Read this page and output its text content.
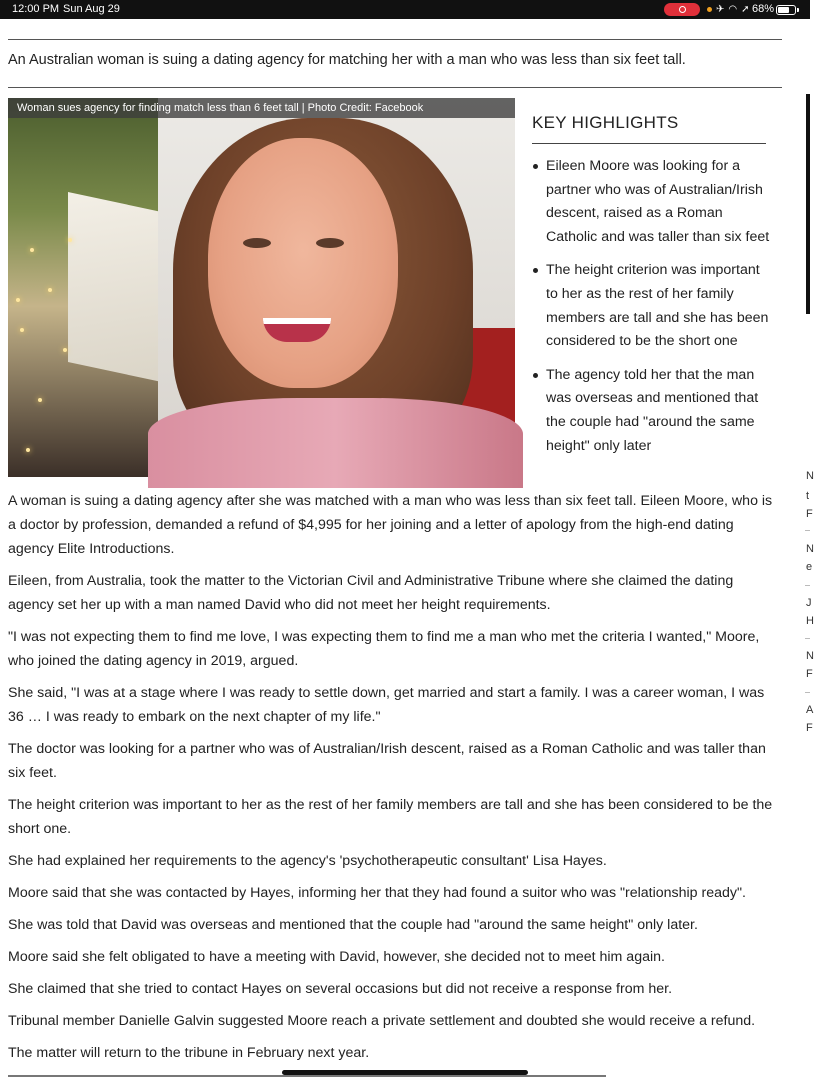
12:00 PM Sun Aug 29	✈ ◠ ➚ 68%

An Australian woman is suing a dating agency for matching her with a man who was less than six feet tall.

Woman sues agency for finding match less than 6 feet tall | Photo Credit: Facebook
KEY HIGHLIGHTS
Eileen Moore was looking for a partner who was of Australian/Irish descent, raised as a Roman Catholic and was taller than six feet
The height criterion was important to her as the rest of her family members are tall and she has been considered to be the short one
The agency told her that the man was overseas and mentioned that the couple had "around the same height" only later

A woman is suing a dating agency after she was matched with a man who was less than six feet tall. Eileen Moore, who is a doctor by profession, demanded a refund of $4,995 for her joining and a letter of apology from the high-end dating agency Elite Introductions.

Eileen, from Australia, took the matter to the Victorian Civil and Administrative Tribune where she claimed the dating agency set her up with a man named David who did not meet her height requirements.

"I was not expecting them to find me love, I was expecting them to find me a man who met the criteria I wanted," Moore, who joined the dating agency in 2019, argued.

She said, "I was at a stage where I was ready to settle down, get married and start a family. I was a career woman, I was 36 … I was ready to embark on the next chapter of my life."

The doctor was looking for a partner who was of Australian/Irish descent, raised as a Roman Catholic and was taller than six feet.

The height criterion was important to her as the rest of her family members are tall and she has been considered to be the short one.

She had explained her requirements to the agency's 'psychotherapeutic consultant' Lisa Hayes.

Moore said that she was contacted by Hayes, informing her that they had found a suitor who was "relationship ready".

She was told that David was overseas and mentioned that the couple had "around the same height" only later.

Moore said she felt obligated to have a meeting with David, however, she decided not to meet him again.

She claimed that she tried to contact Hayes on several occasions but did not receive a response from her.

Tribunal member Danielle Galvin suggested Moore reach a private settlement and doubted she would receive a refund.

The matter will return to the tribune in February next year.

N
t
F
N
e
J
H
N
F
A
F
